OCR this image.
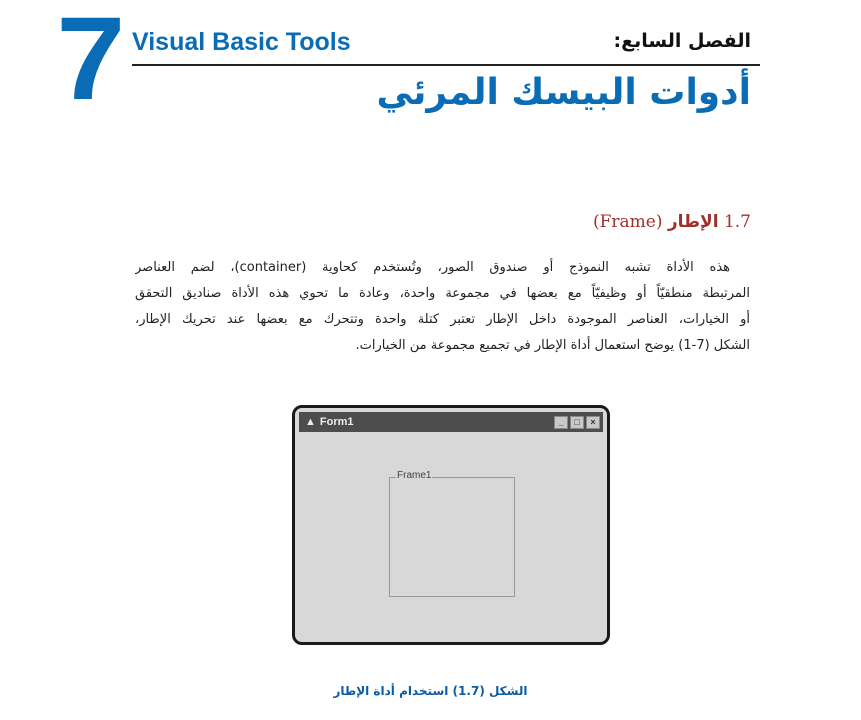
7 Visual Basic Tools	الفصل السابع:
أدوات البيسك المرئي
1.7 الإطار (Frame)
هذه الأداة تشبه النموذج أو صندوق الصور، وتُستخدم كحاوية (container)، لضم العناصر
المرتبطة منطقيّاً أو وظيفيّاً مع بعضها في مجموعة واحدة، وعادة ما تحوي هذه الأداة صناديق التحقق
أو الخيارات، العناصر الموجودة داخل الإطار تعتبر كتلة واحدة وتتحرك مع بعضها عند تحريك الإطار،
الشكل (7-1) يوضح استعمال أداة الإطار في تجميع مجموعة من الخيارات.
▲ Form1	_	□	×
Frame1
الشكل (1.7) استخدام أداة الإطار
